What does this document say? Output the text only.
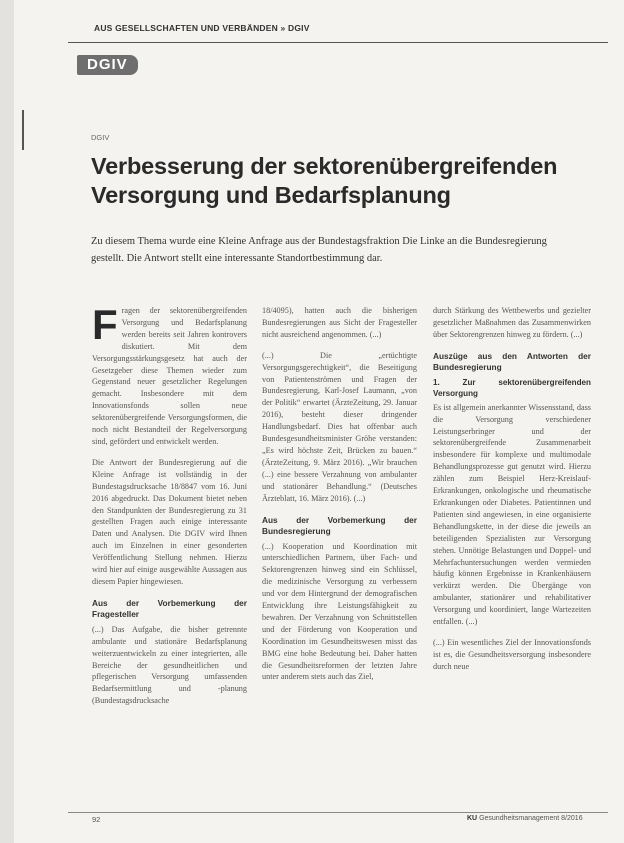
AUS GESELLSCHAFTEN UND VERBÄNDEN » DGIV
DGIV
DGIV
Verbesserung der sektorenübergreifenden Versorgung und Bedarfsplanung
Zu diesem Thema wurde eine Kleine Anfrage aus der Bundestagsfraktion Die Linke an die Bundesregierung gestellt. Die Antwort stellt eine interessante Standortbestimmung dar.

Fragen der sektorenübergreifenden Versorgung und Bedarfsplanung werden bereits seit Jahren kontrovers diskutiert. Mit dem Versorgungsstärkungsgesetz hat auch der Gesetzgeber diese Themen wieder zum Gegenstand neuer gesetzlicher Regelungen gemacht. Insbesondere mit dem Innovationsfonds sollen neue sektorenübergreifende Versorgungsformen, die noch nicht Bestandteil der Regelversorgung sind, gefördert und entwickelt werden.

Die Antwort der Bundesregierung auf die Kleine Anfrage ist vollständig in der Bundestagsdrucksache 18/8847 vom 16. Juni 2016 abgedruckt. Das Dokument bietet neben den Standpunkten der Bundesregierung zu 31 gestellten Fragen auch einige interessante Daten und Analysen. Die DGIV wird Ihnen auch im Einzelnen in einer gesonderten Veröffentlichung Stellung nehmen. Hierzu wird hier auf einige ausgewählte Aussagen aus diesem Papier hingewiesen.

Aus der Vorbemerkung der Fragesteller

(...) Das Aufgabe, die bisher getrennte ambulante und stationäre Bedarfsplanung weiterzuentwickeln zu einer integrierten, alle Bereiche der gesundheitlichen und pflegerischen Versorgung umfassenden Bedarfsermittlung und -planung (Bundestagsdrucksache

18/4095), hatten auch die bisherigen Bundesregierungen aus Sicht der Fragesteller nicht ausreichend angenommen. (...)

(...) Die „ertüchtigte Versorgungsgerechtigkeit“, die Beseitigung von Patientenströmen und Fragen der Bundesregierung, Karl-Josef Laumann, „von der Politik“ erwartet (ÄrzteZeitung, 29. Januar 2016), besteht dieser dringender Handlungsbedarf. Dies hat offenbar auch Bundesgesundheitsminister Gröhe verstanden: „Es wird höchste Zeit, Brücken zu bauen.“ (ÄrzteZeitung, 9. März 2016). „Wir brauchen (...) eine bessere Verzahnung von ambulanter und stationärer Behandlung.“ (Deutsches Ärzteblatt, 16. März 2016). (...)

Aus der Vorbemerkung der Bundesregierung

(...) Kooperation und Koordination mit unterschiedlichen Partnern, über Fach- und Sektorengrenzen hinweg sind ein Schlüssel, die medizinische Versorgung zu verbessern und vor dem Hintergrund der demografischen Entwicklung ihre Leistungsfähigkeit zu bewahren. Der Verzahnung von Schnittstellen und der Förderung von Kooperation und Koordination im Gesundheitswesen misst das BMG eine hohe Bedeutung bei. Daher hatten die Gesundheitsreformen der letzten Jahre unter anderem stets auch das Ziel,

durch Stärkung des Wettbewerbs und gezielter gesetzlicher Maßnahmen das Zusammenwirken über Sektorengrenzen hinweg zu fördern. (...)

Auszüge aus den Antworten der Bundesregierung
1. Zur sektorenübergreifenden Versorgung

Es ist allgemein anerkannter Wissensstand, dass die Versorgung verschiedener Leistungserbringer und der sektorenübergreifende Zusammenarbeit insbesondere für komplexe und multimodale Behandlungsprozesse gut genutzt wird. Hierzu zählen zum Beispiel Herz-Kreislauf-Erkrankungen, onkologische und rheumatische Erkrankungen oder Diabetes. Patientinnen und Patienten sind angewiesen, in eine organisierte Behandlungskette, in der diese die jeweils an beteiligenden Spezialisten zur Versorgung stehen. Unnötige Belastungen und Doppel- und Mehrfachuntersuchungen werden vermieden häufig können Ergebnisse in Krankenhäusern verkürzt werden. Die Übergänge von ambulanter, stationärer und rehabilitativer Versorgung und koordiniert, lange Wartezeiten entfallen. (...)

(...) Ein wesentliches Ziel der Innovationsfonds ist es, die Gesundheitsversorgung insbesondere durch neue

92	KU Gesundheitsmanagement 8/2016
